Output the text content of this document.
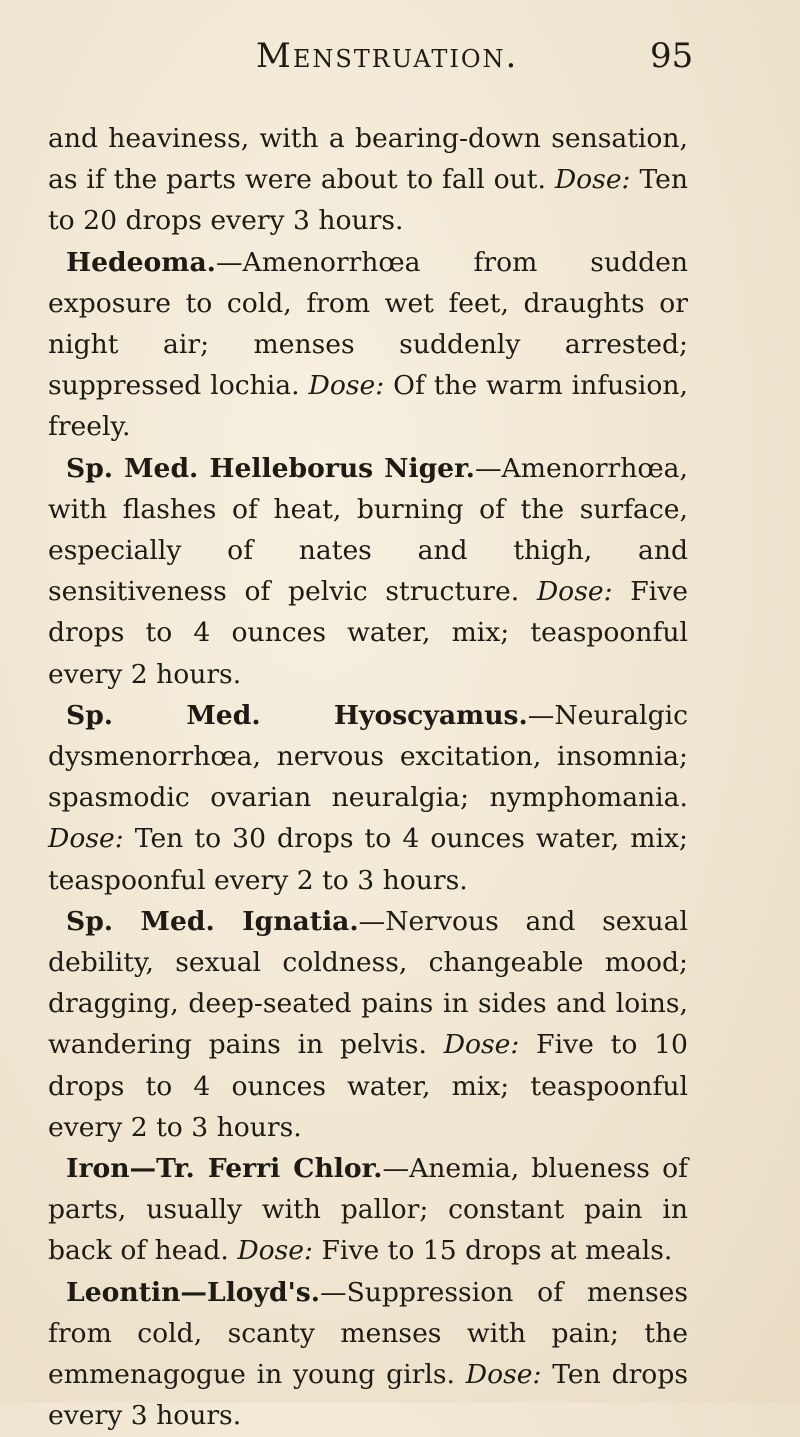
Menstruation.	95

and heaviness, with a bearing-down sensation, as if the parts were about to fall out. Dose: Ten to 20 drops every 3 hours.

Hedeoma.—Amenorrhœa from sudden exposure to cold, from wet feet, draughts or night air; menses suddenly arrested; suppressed lochia. Dose: Of the warm infusion, freely.

Sp. Med. Helleborus Niger.—Amenorrhœa, with flashes of heat, burning of the surface, especially of nates and thigh, and sensitiveness of pelvic structure. Dose: Five drops to 4 ounces water, mix; teaspoonful every 2 hours.

Sp. Med. Hyoscyamus.—Neuralgic dysmenorrhœa, nervous excitation, insomnia; spasmodic ovarian neuralgia; nymphomania. Dose: Ten to 30 drops to 4 ounces water, mix; teaspoonful every 2 to 3 hours.

Sp. Med. Ignatia.—Nervous and sexual debility, sexual coldness, changeable mood; dragging, deep-seated pains in sides and loins, wandering pains in pelvis. Dose: Five to 10 drops to 4 ounces water, mix; teaspoonful every 2 to 3 hours.

Iron—Tr. Ferri Chlor.—Anemia, blueness of parts, usually with pallor; constant pain in back of head. Dose: Five to 15 drops at meals.

Leontin—Lloyd's.—Suppression of menses from cold, scanty menses with pain; the emmenagogue in young girls. Dose: Ten drops every 3 hours.
